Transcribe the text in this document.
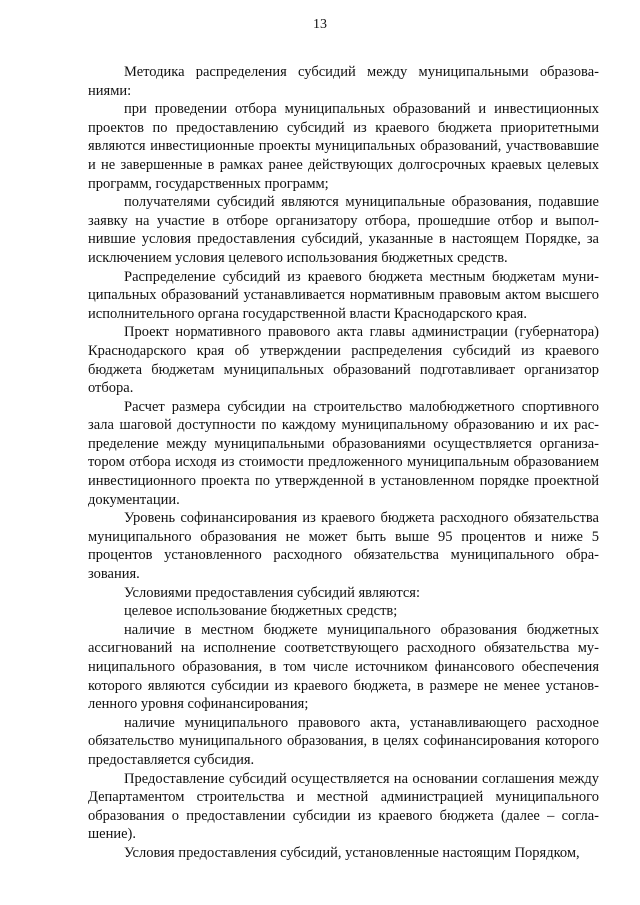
13

Методика распределения субсидий между муниципальными образованиями:

при проведении отбора муниципальных образований и инвестиционных проектов по предоставлению субсидий из краевого бюджета приоритетными являются инвестиционные проекты муниципальных образований, участвовавшие и не завершенные в рамках ранее действующих долгосрочных краевых целевых программ, государственных программ;

получателями субсидий являются муниципальные образования, подавшие заявку на участие в отборе организатору отбора, прошедшие отбор и выполнившие условия предоставления субсидий, указанные в настоящем Порядке, за исключением условия целевого использования бюджетных средств.

Распределение субсидий из краевого бюджета местным бюджетам муниципальных образований устанавливается нормативным правовым актом высшего исполнительного органа государственной власти Краснодарского края.

Проект нормативного правового акта главы администрации (губернатора) Краснодарского края об утверждении распределения субсидий из краевого бюджета бюджетам муниципальных образований подготавливает организатор отбора.

Расчет размера субсидии на строительство малобюджетного спортивного зала шаговой доступности по каждому муниципальному образованию и их распределение между муниципальными образованиями осуществляется организатором отбора исходя из стоимости предложенного муниципальным образованием инвестиционного проекта по утвержденной в установленном порядке проектной документации.

Уровень софинансирования из краевого бюджета расходного обязательства муниципального образования не может быть выше 95 процентов и ниже 5 процентов установленного расходного обязательства муниципального образования.

Условиями предоставления субсидий являются:

целевое использование бюджетных средств;

наличие в местном бюджете муниципального образования бюджетных ассигнований на исполнение соответствующего расходного обязательства муниципального образования, в том числе источником финансового обеспечения которого являются субсидии из краевого бюджета, в размере не менее установленного уровня софинансирования;

наличие муниципального правового акта, устанавливающего расходное обязательство муниципального образования, в целях софинансирования которого предоставляется субсидия.

Предоставление субсидий осуществляется на основании соглашения между Департаментом строительства и местной администрацией муниципального образования о предоставлении субсидии из краевого бюджета (далее – соглашение).

Условия предоставления субсидий, установленные настоящим Порядком,
